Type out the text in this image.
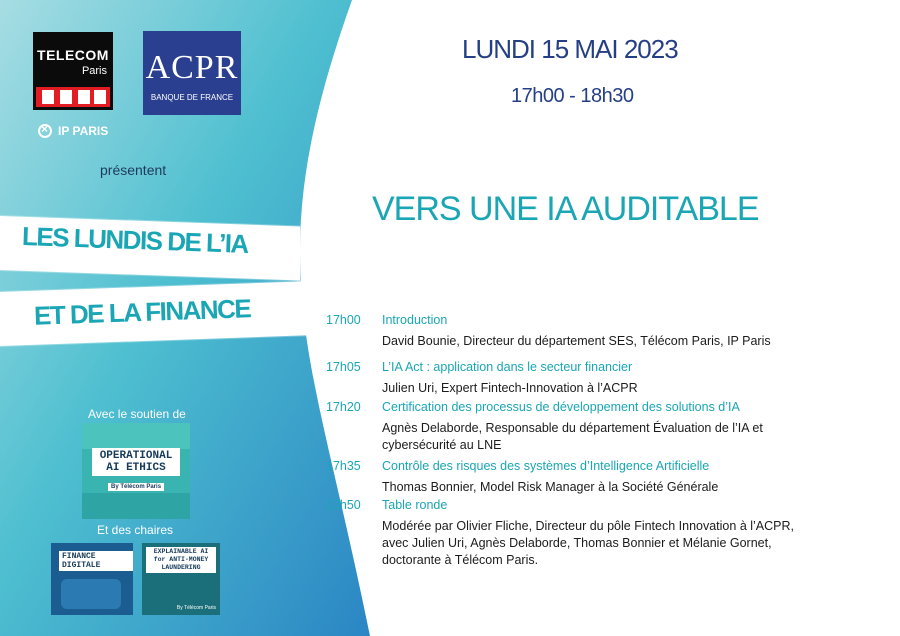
TELECOM
Paris
×
IP PARIS
ACPR
BANQUE DE FRANCE
présentent
LES LUNDIS DE L’IA
ET DE LA FINANCE
Avec le soutien de
OPERATIONAL AI ETHICS
By Télécom Paris
Et des chaires
FINANCE DIGITALE
EXPLAINABLE AI for ANTI-MONEY LAUNDERING
By Télécom Paris
LUNDI 15 MAI 2023
17h00 - 18h30
VERS UNE IA AUDITABLE
17h00 Introduction
David Bounie, Directeur du département SES, Télécom Paris, IP Paris
17h05 L’IA Act : application dans le secteur financier
Julien Uri, Expert Fintech-Innovation à l’ACPR
17h20 Certification des processus de développement des solutions d’IA
Agnès Delaborde, Responsable du département Évaluation de l’IA et cybersécurité au LNE
17h35 Contrôle des risques des systèmes d’Intelligence Artificielle
Thomas Bonnier, Model Risk Manager à la Société Générale
17h50 Table ronde
Modérée par Olivier Fliche, Directeur du pôle Fintech Innovation à l’ACPR, avec Julien Uri, Agnès Delaborde, Thomas Bonnier et Mélanie Gornet, doctorante à Télécom Paris.
